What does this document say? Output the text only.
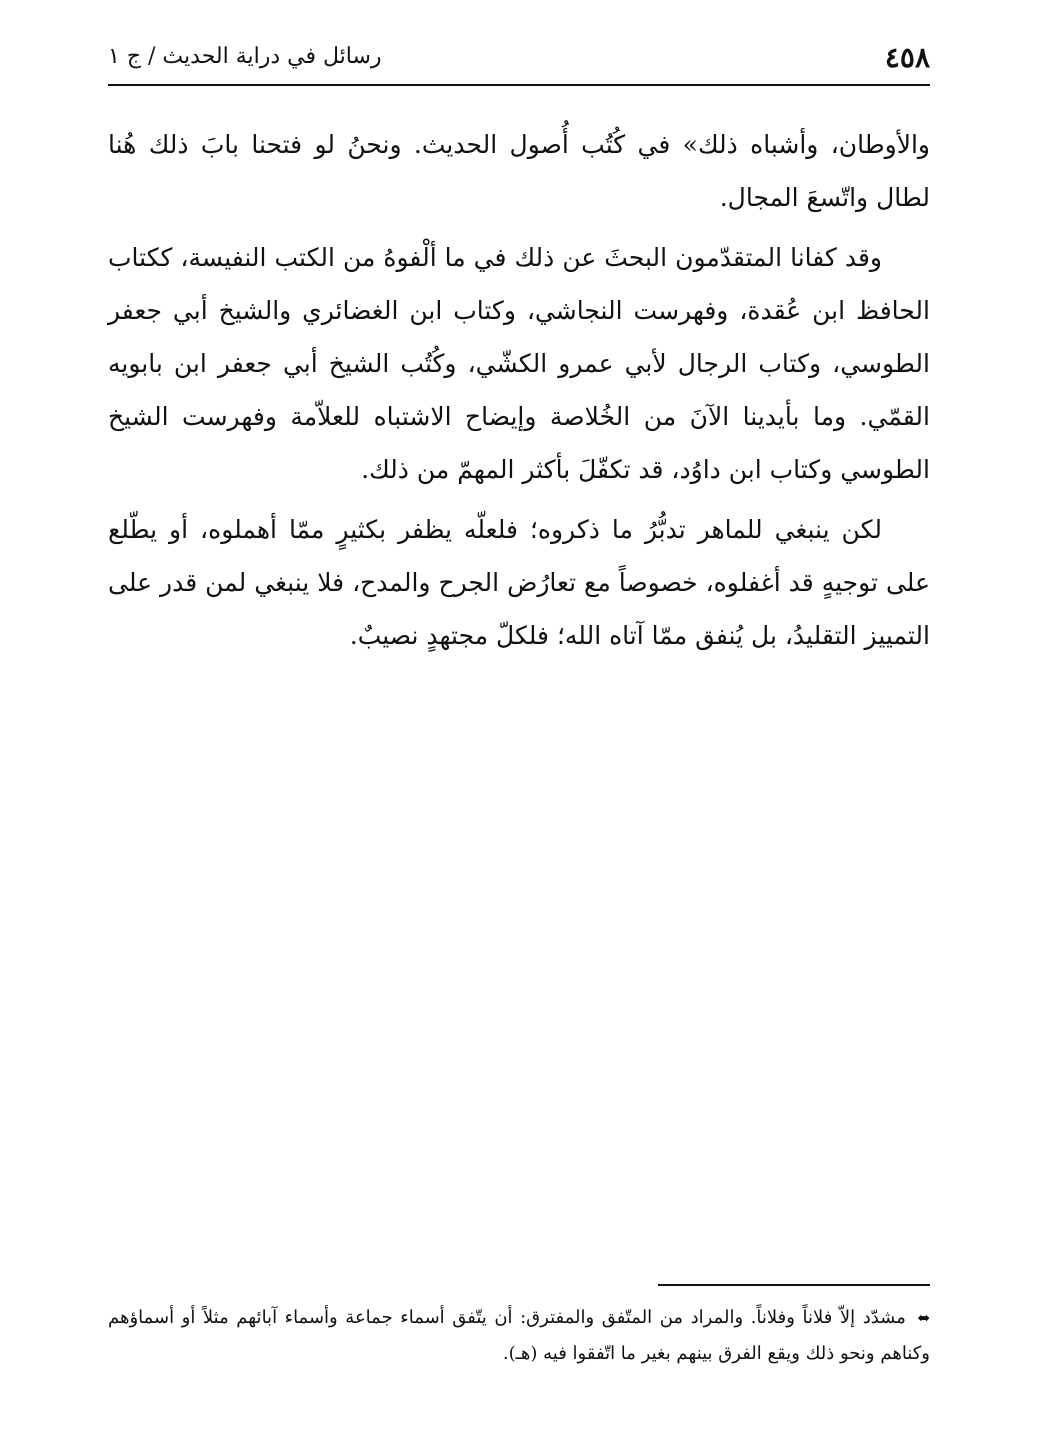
٤٥٨
رسائل في دراية الحديث / ج ١

والأوطان، وأشباه ذلك» في كُتُب أُصول الحديث. ونحنُ لو فتحنا بابَ ذلك هُنا لطال واتّسعَ المجال.

وقد كفانا المتقدّمون البحثَ عن ذلك في ما ألْفوهُ من الكتب النفيسة، ككتاب الحافظ ابن عُقدة، وفهرست النجاشي، وكتاب ابن الغضائري والشيخ أبي جعفر الطوسي، وكتاب الرجال لأبي عمرو الكشّي، وكُتُب الشيخ أبي جعفر ابن بابويه القمّي. وما بأيدينا الآنَ من الخُلاصة وإيضاح الاشتباه للعلاّمة وفهرست الشيخ الطوسي وكتاب ابن داوُد، قد تكفّلَ بأكثر المهمّ من ذلك.

لكن ينبغي للماهر تدبُّرُ ما ذكروه؛ فلعلّه يظفر بكثيرٍ ممّا أهملوه، أو يطّلع على توجيهٍ قد أغفلوه، خصوصاً مع تعارُض الجرح والمدح، فلا ينبغي لمن قدر على التمييز التقليدُ، بل يُنفق ممّا آتاه الله؛ فلكلّ مجتهدٍ نصيبٌ.

⬌ مشدّد إلاّ فلاناً وفلاناً. والمراد من المتّفق والمفترق: أن يتّفق أسماء جماعة وأسماء آبائهم مثلاً أو أسماؤهم وكناهم ونحو ذلك ويقع الفرق بينهم بغير ما اتّفقوا فيه (هـ).
